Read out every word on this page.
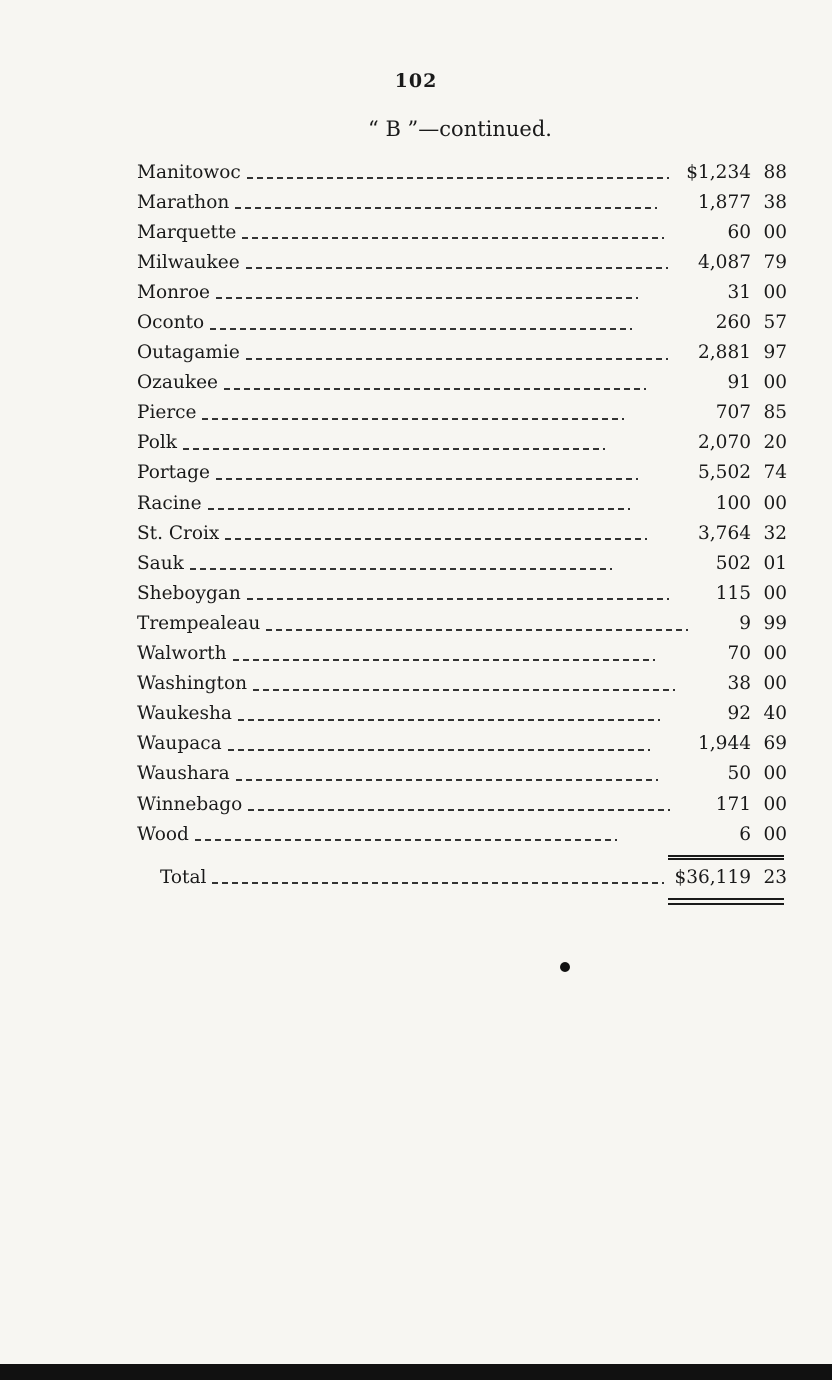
102
“ B ”—continued.
Manitowoc	$1,234 88
Marathon	1,877 38
Marquette	60 00
Milwaukee	4,087 79
Monroe	31 00
Oconto	260 57
Outagamie	2,881 97
Ozaukee	91 00
Pierce	707 85
Polk	2,070 20
Portage	5,502 74
Racine	100 00
St. Croix	3,764 32
Sauk	502 01
Sheboygan	115 00
Trempealeau	9 99
Walworth	70 00
Washington	38 00
Waukesha	92 40
Waupaca	1,944 69
Waushara	50 00
Winnebago	171 00
Wood	6 00
Total	$36,119 23
